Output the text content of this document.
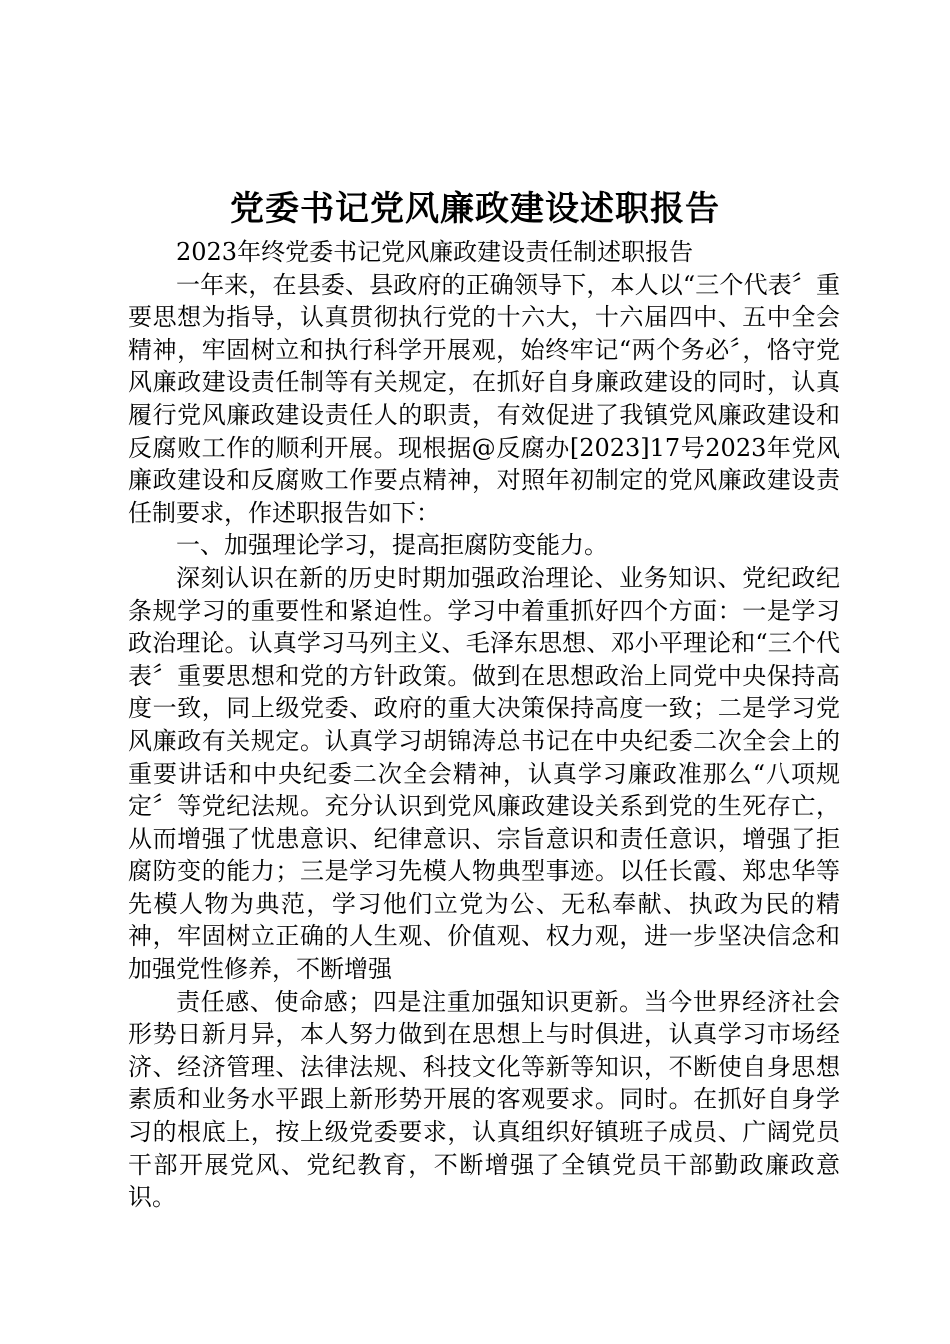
党委书记党风廉政建设述职报告

2023年终党委书记党风廉政建设责任制述职报告

一年来，在县委、县政府的正确领导下，本人以“三个代表〞重要思想为指导，认真贯彻执行党的十六大，十六届四中、五中全会精神，牢固树立和执行科学开展观，始终牢记“两个务必〞，恪守党风廉政建设责任制等有关规定，在抓好自身廉政建设的同时，认真履行党风廉政建设责任人的职责，有效促进了我镇党风廉政建设和反腐败工作的顺利开展。现根据@反腐办[2023]17号2023年党风廉政建设和反腐败工作要点精神，对照年初制定的党风廉政建设责任制要求，作述职报告如下：

一、加强理论学习，提高拒腐防变能力。

深刻认识在新的历史时期加强政治理论、业务知识、党纪政纪条规学习的重要性和紧迫性。学习中着重抓好四个方面：一是学习政治理论。认真学习马列主义、毛泽东思想、邓小平理论和“三个代表〞重要思想和党的方针政策。做到在思想政治上同党中央保持高度一致，同上级党委、政府的重大决策保持高度一致；二是学习党风廉政有关规定。认真学习胡锦涛总书记在中央纪委二次全会上的重要讲话和中央纪委二次全会精神，认真学习廉政准那么“八项规定〞等党纪法规。充分认识到党风廉政建设关系到党的生死存亡，从而增强了忧患意识、纪律意识、宗旨意识和责任意识，增强了拒腐防变的能力；三是学习先模人物典型事迹。以任长霞、郑忠华等先模人物为典范，学习他们立党为公、无私奉献、执政为民的精神，牢固树立正确的人生观、价值观、权力观，进一步坚决信念和加强党性修养，不断增强

责任感、使命感；四是注重加强知识更新。当今世界经济社会形势日新月异，本人努力做到在思想上与时俱进，认真学习市场经济、经济管理、法律法规、科技文化等新等知识，不断使自身思想素质和业务水平跟上新形势开展的客观要求。同时。在抓好自身学习的根底上，按上级党委要求，认真组织好镇班子成员、广阔党员干部开展党风、党纪教育，不断增强了全镇党员干部勤政廉政意识。
